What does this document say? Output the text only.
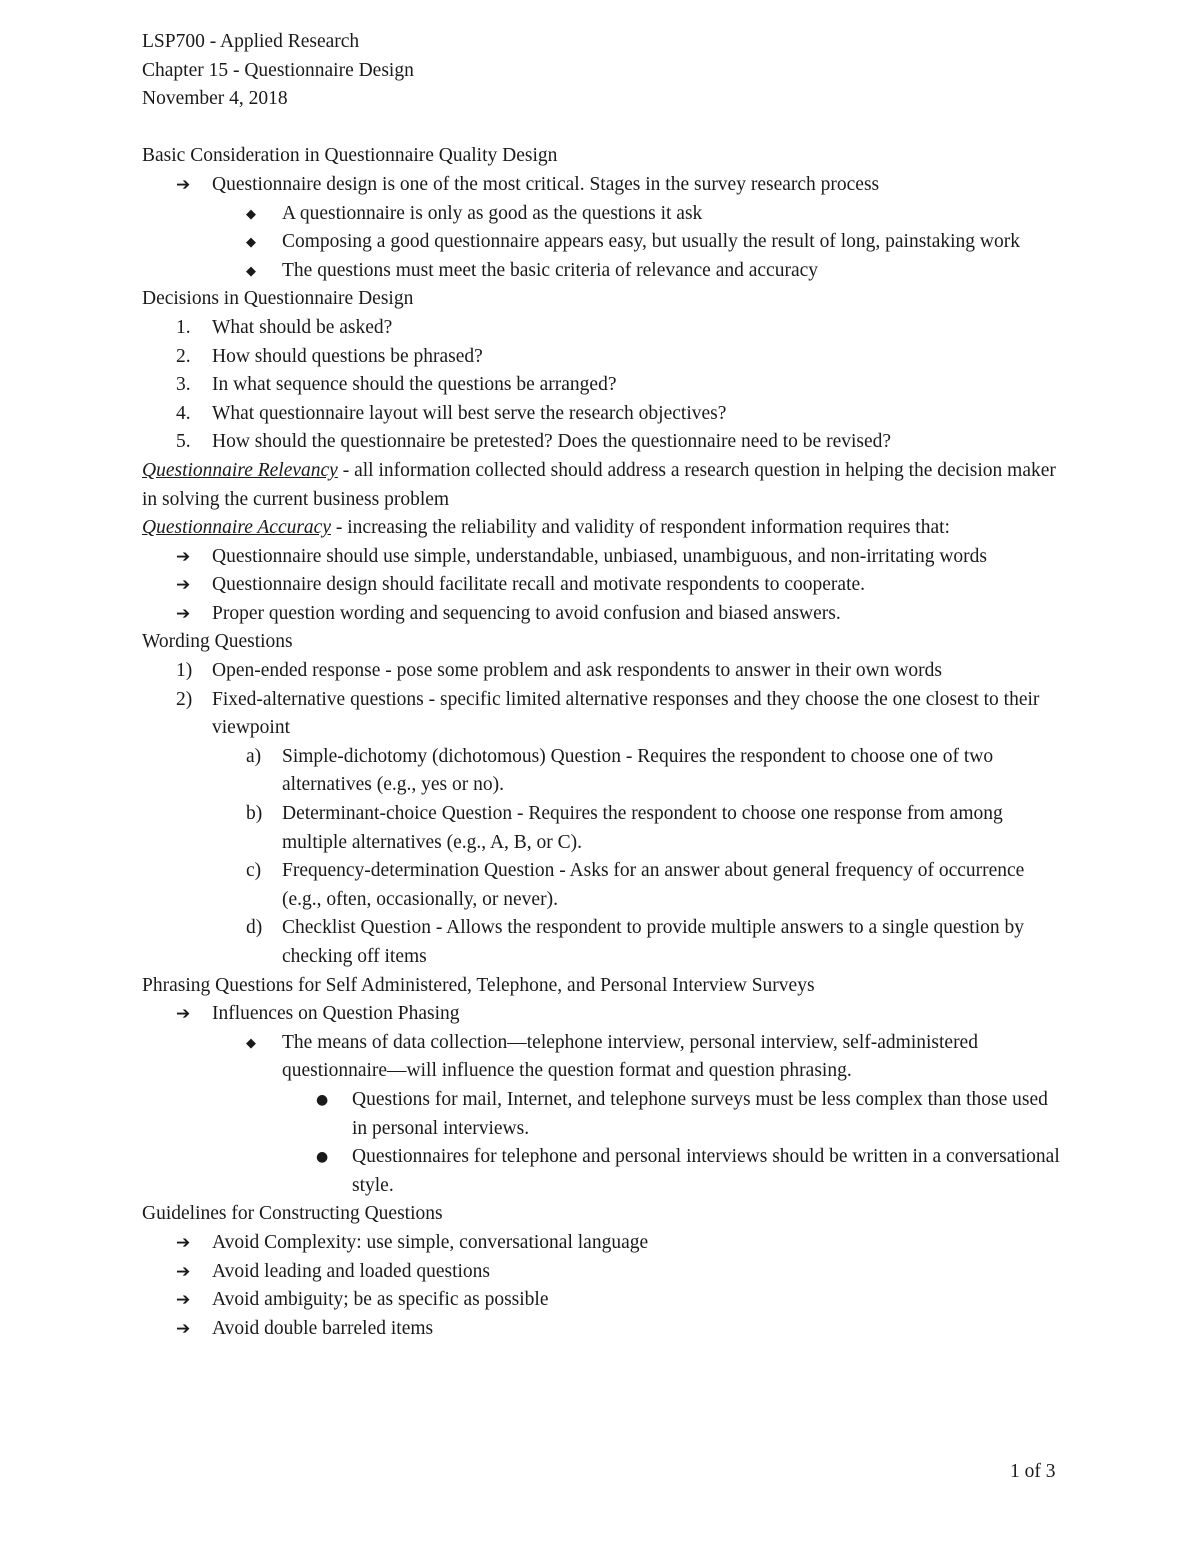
LSP700 - Applied Research
Chapter 15 - Questionnaire Design
November 4, 2018

Basic Consideration in Questionnaire Quality Design
➔ Questionnaire design is one of the most critical. Stages in the survey research process
◆ A questionnaire is only as good as the questions it ask
◆ Composing a good questionnaire appears easy, but usually the result of long, painstaking work
◆ The questions must meet the basic criteria of relevance and accuracy
Decisions in Questionnaire Design
1. What should be asked?
2. How should questions be phrased?
3. In what sequence should the questions be arranged?
4. What questionnaire layout will best serve the research objectives?
5. How should the questionnaire be pretested? Does the questionnaire need to be revised?
Questionnaire Relevancy - all information collected should address a research question in helping the decision maker in solving the current business problem
Questionnaire Accuracy - increasing the reliability and validity of respondent information requires that:
➔ Questionnaire should use simple, understandable, unbiased, unambiguous, and non-irritating words
➔ Questionnaire design should facilitate recall and motivate respondents to cooperate.
➔ Proper question wording and sequencing to avoid confusion and biased answers.
Wording Questions
1) Open-ended response - pose some problem and ask respondents to answer in their own words
2) Fixed-alternative questions - specific limited alternative responses and they choose the one closest to their viewpoint
a) Simple-dichotomy (dichotomous) Question - Requires the respondent to choose one of two alternatives (e.g., yes or no).
b) Determinant-choice Question - Requires the respondent to choose one response from among multiple alternatives (e.g., A, B, or C).
c) Frequency-determination Question - Asks for an answer about general frequency of occurrence (e.g., often, occasionally, or never).
d) Checklist Question - Allows the respondent to provide multiple answers to a single question by checking off items
Phrasing Questions for Self Administered, Telephone, and Personal Interview Surveys
➔ Influences on Question Phasing
◆ The means of data collection—telephone interview, personal interview, self-administered questionnaire—will influence the question format and question phrasing.
● Questions for mail, Internet, and telephone surveys must be less complex than those used in personal interviews.
● Questionnaires for telephone and personal interviews should be written in a conversational style.
Guidelines for Constructing Questions
➔ Avoid Complexity: use simple, conversational language
➔ Avoid leading and loaded questions
➔ Avoid ambiguity; be as specific as possible
➔ Avoid double barreled items
1 of 3
